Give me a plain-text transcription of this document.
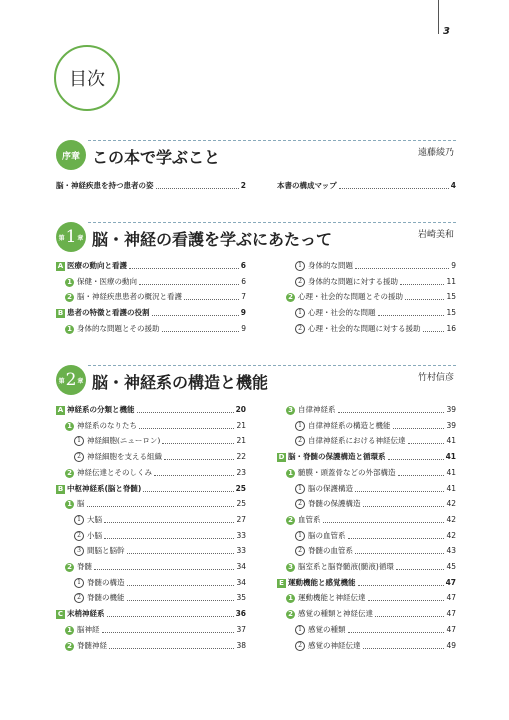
3
目次
序章 この本で学ぶこと	遠藤綾乃
脳・神経疾患を持つ患者の姿	2	本書の構成マップ	4
第 1 章 脳・神経の看護を学ぶにあたって	岩崎美和
A 医療の動向と看護	6
1 保健・医療の動向	6
2 脳・神経疾患患者の概況と看護	7
B 患者の特徴と看護の役割	9
1 身体的な問題とその援助	9
1 身体的な問題	9
2 身体的な問題に対する援助	11
2 心理・社会的な問題とその援助	15
1 心理・社会的な問題	15
2 心理・社会的な問題に対する援助	16
第 2 章 脳・神経系の構造と機能	竹村信彦
A 神経系の分類と機能	20
1 神経系のなりたち	21
1 神経細胞(ニューロン)	21
2 神経細胞を支える組織	22
2 神経伝達とそのしくみ	23
B 中枢神経系(脳と脊髄)	25
1 脳	25
1 大脳	27
2 小脳	33
3 間脳と脳幹	33
2 脊髄	34
1 脊髄の構造	34
2 脊髄の機能	35
C 末梢神経系	36
1 脳神経	37
2 脊髄神経	38
3 自律神経系	39
1 自律神経系の構造と機能	39
2 自律神経系における神経伝達	41
D 脳・脊髄の保護構造と循環系	41
1 髄膜・頭蓋骨などの外部構造	41
1 脳の保護構造	41
2 脊髄の保護構造	42
2 血管系	42
1 脳の血管系	42
2 脊髄の血管系	43
3 脳室系と脳脊髄液(髄液)循環	45
E 運動機能と感覚機能	47
1 運動機能と神経伝達	47
2 感覚の種類と神経伝達	47
1 感覚の種類	47
2 感覚の神経伝達	49
